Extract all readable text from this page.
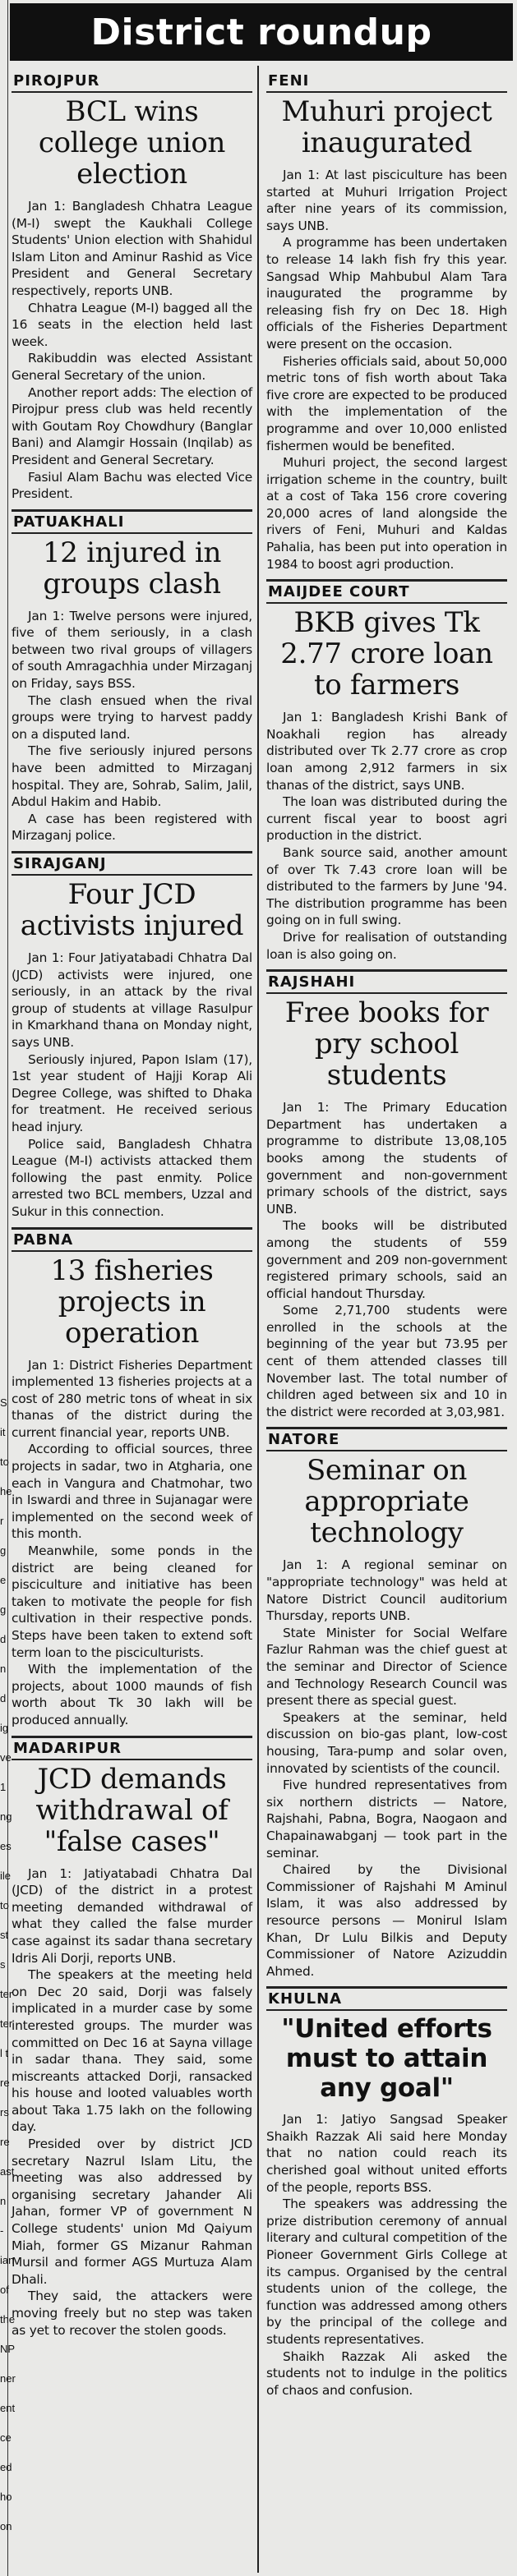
S
it
to
he
r
g
e
g
d
n
d
ig
ve
1
ng
es
ile
to
st
s
ter
ter
l t
re
rs
re
ast
n
-
ian
of
the
NP
ner
ent
ce
ed
ho
on
District roundup
PIROJPUR
BCL wins college union election

Jan 1: Bangladesh Chhatra League (M-I) swept the Kaukhali College Students' Union election with Shahidul Islam Liton and Aminur Rashid as Vice President and General Secretary respectively, reports UNB.

Chhatra League (M-I) bagged all the 16 seats in the election held last week.

Rakibuddin was elected Assistant General Secretary of the union.

Another report adds: The election of Pirojpur press club was held recently with Goutam Roy Chowdhury (Banglar Bani) and Alamgir Hossain (Inqilab) as President and General Secretary.

Fasiul Alam Bachu was elected Vice President.

PATUAKHALI
12 injured in groups clash

Jan 1: Twelve persons were injured, five of them seriously, in a clash between two rival groups of villagers of south Amragachhia under Mirzaganj on Friday, says BSS.

The clash ensued when the rival groups were trying to harvest paddy on a disputed land.

The five seriously injured persons have been admitted to Mirzaganj hospital. They are, Sohrab, Salim, Jalil, Abdul Hakim and Habib.

A case has been registered with Mirzaganj police.

SIRAJGANJ
Four JCD activists injured

Jan 1: Four Jatiyatabadi Chhatra Dal (JCD) activists were injured, one seriously, in an attack by the rival group of students at village Rasulpur in Kmarkhand thana on Monday night, says UNB.

Seriously injured, Papon Islam (17), 1st year student of Hajji Korap Ali Degree College, was shifted to Dhaka for treatment. He received serious head injury.

Police said, Bangladesh Chhatra League (M-I) activists attacked them following the past enmity. Police arrested two BCL members, Uzzal and Sukur in this connection.

PABNA
13 fisheries projects in operation

Jan 1: District Fisheries Department implemented 13 fisheries projects at a cost of 280 metric tons of wheat in six thanas of the district during the current financial year, reports UNB.

According to official sources, three projects in sadar, two in Atgharia, one each in Vangura and Chatmohar, two in Iswardi and three in Sujanagar were implemented on the second week of this month.

Meanwhile, some ponds in the district are being cleaned for pisciculture and initiative has been taken to motivate the people for fish cultivation in their respective ponds. Steps have been taken to extend soft term loan to the pisciculturists.

With the implementation of the projects, about 1000 maunds of fish worth about Tk 30 lakh will be produced annually.

MADARIPUR
JCD demands withdrawal of "false cases"

Jan 1: Jatiyatabadi Chhatra Dal (JCD) of the district in a protest meeting demanded withdrawal of what they called the false murder case against its sadar thana secretary Idris Ali Dorji, reports UNB.

The speakers at the meeting held on Dec 20 said, Dorji was falsely implicated in a murder case by some interested groups. The murder was committed on Dec 16 at Sayna village in sadar thana. They said, some miscreants attacked Dorji, ransacked his house and looted valuables worth about Taka 1.75 lakh on the following day.

Presided over by district JCD secretary Nazrul Islam Litu, the meeting was also addressed by organising secretary Jahander Ali Jahan, former VP of government N College students' union Md Qaiyum Miah, former GS Mizanur Rahman Mursil and former AGS Murtuza Alam Dhali.

They said, the attackers were moving freely but no step was taken as yet to recover the stolen goods.

FENI
Muhuri project inaugurated

Jan 1: At last pisciculture has been started at Muhuri Irrigation Project after nine years of its commission, says UNB.

A programme has been undertaken to release 14 lakh fish fry this year. Sangsad Whip Mahbubul Alam Tara inaugurated the programme by releasing fish fry on Dec 18. High officials of the Fisheries Department were present on the occasion.

Fisheries officials said, about 50,000 metric tons of fish worth about Taka five crore are expected to be produced with the implementation of the programme and over 10,000 enlisted fishermen would be benefited.

Muhuri project, the second largest irrigation scheme in the country, built at a cost of Taka 156 crore covering 20,000 acres of land alongside the rivers of Feni, Muhuri and Kaldas Pahalia, has been put into operation in 1984 to boost agri production.

MAIJDEE COURT
BKB gives Tk 2.77 crore loan to farmers

Jan 1: Bangladesh Krishi Bank of Noakhali region has already distributed over Tk 2.77 crore as crop loan among 2,912 farmers in six thanas of the district, says UNB.

The loan was distributed during the current fiscal year to boost agri production in the district.

Bank source said, another amount of over Tk 7.43 crore loan will be distributed to the farmers by June '94. The distribution programme has been going on in full swing.

Drive for realisation of outstanding loan is also going on.

RAJSHAHI
Free books for pry school students

Jan 1: The Primary Education Department has undertaken a programme to distribute 13,08,105 books among the students of government and non-government primary schools of the district, says UNB.

The books will be distributed among the students of 559 government and 209 non-government registered primary schools, said an official handout Thursday.

Some 2,71,700 students were enrolled in the schools at the beginning of the year but 73.95 per cent of them attended classes till November last. The total number of children aged between six and 10 in the district were recorded at 3,03,981.

NATORE
Seminar on appropriate technology

Jan 1: A regional seminar on "appropriate technology" was held at Natore District Council auditorium Thursday, reports UNB.

State Minister for Social Welfare Fazlur Rahman was the chief guest at the seminar and Director of Science and Technology Research Council was present there as special guest.

Speakers at the seminar, held discussion on bio-gas plant, low-cost housing, Tara-pump and solar oven, innovated by scientists of the council.

Five hundred representatives from six northern districts — Natore, Rajshahi, Pabna, Bogra, Naogaon and Chapainawabganj — took part in the seminar.

Chaired by the Divisional Commissioner of Rajshahi M Aminul Islam, it was also addressed by resource persons — Monirul Islam Khan, Dr Lulu Bilkis and Deputy Commissioner of Natore Azizuddin Ahmed.

KHULNA
"United efforts must to attain any goal"

Jan 1: Jatiyo Sangsad Speaker Shaikh Razzak Ali said here Monday that no nation could reach its cherished goal without united efforts of the people, reports BSS.

The speakers was addressing the prize distribution ceremony of annual literary and cultural competition of the Pioneer Government Girls College at its campus. Organised by the central students union of the college, the function was addressed among others by the principal of the college and students representatives.

Shaikh Razzak Ali asked the students not to indulge in the politics of chaos and confusion.
